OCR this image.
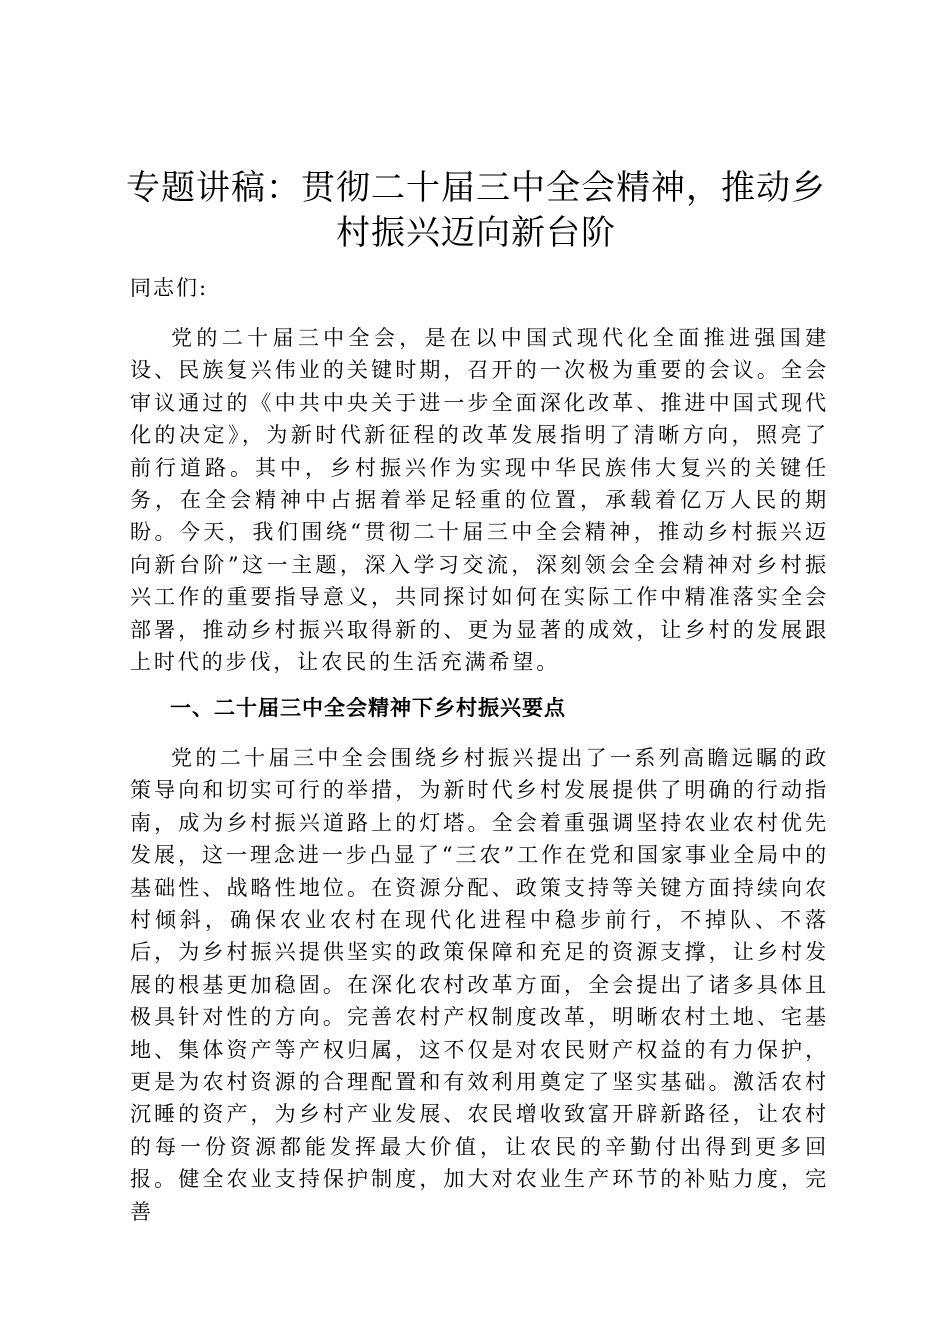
专题讲稿：贯彻二十届三中全会精神，推动乡村振兴迈向新台阶

同志们:

党的二十届三中全会，是在以中国式现代化全面推进强国建设、民族复兴伟业的关键时期，召开的一次极为重要的会议。全会审议通过的《中共中央关于进一步全面深化改革、推进中国式现代化的决定》，为新时代新征程的改革发展指明了清晰方向，照亮了前行道路。其中，乡村振兴作为实现中华民族伟大复兴的关键任务，在全会精神中占据着举足轻重的位置，承载着亿万人民的期盼。今天，我们围绕“贯彻二十届三中全会精神，推动乡村振兴迈向新台阶”这一主题，深入学习交流，深刻领会全会精神对乡村振兴工作的重要指导意义，共同探讨如何在实际工作中精准落实全会部署，推动乡村振兴取得新的、更为显著的成效，让乡村的发展跟上时代的步伐，让农民的生活充满希望。

一、二十届三中全会精神下乡村振兴要点

党的二十届三中全会围绕乡村振兴提出了一系列高瞻远瞩的政策导向和切实可行的举措，为新时代乡村发展提供了明确的行动指南，成为乡村振兴道路上的灯塔。全会着重强调坚持农业农村优先发展，这一理念进一步凸显了“三农”工作在党和国家事业全局中的基础性、战略性地位。在资源分配、政策支持等关键方面持续向农村倾斜，确保农业农村在现代化进程中稳步前行，不掉队、不落后，为乡村振兴提供坚实的政策保障和充足的资源支撑，让乡村发展的根基更加稳固。在深化农村改革方面，全会提出了诸多具体且极具针对性的方向。完善农村产权制度改革，明晰农村土地、宅基地、集体资产等产权归属，这不仅是对农民财产权益的有力保护，更是为农村资源的合理配置和有效利用奠定了坚实基础。激活农村沉睡的资产，为乡村产业发展、农民增收致富开辟新路径，让农村的每一份资源都能发挥最大价值，让农民的辛勤付出得到更多回报。健全农业支持保护制度，加大对农业生产环节的补贴力度，完善
